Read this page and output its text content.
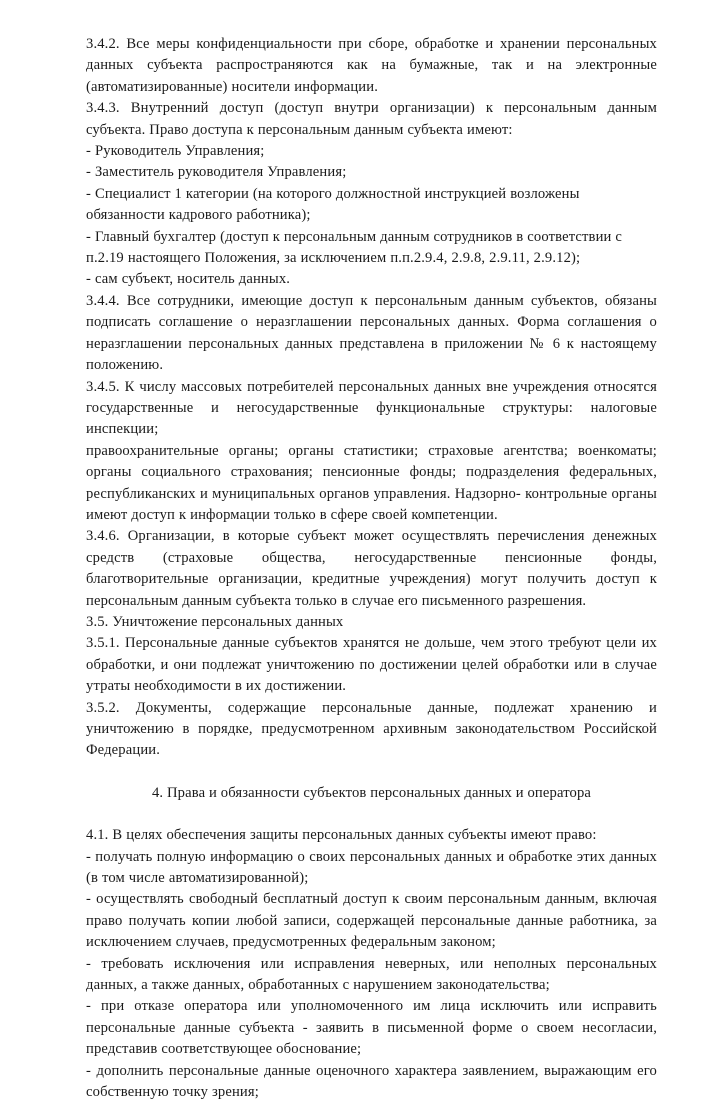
3.4.2. Все меры конфиденциальности при сборе, обработке и хранении персональных данных субъекта распространяются как на бумажные, так и на электронные (автоматизированные) носители информации.

3.4.3. Внутренний доступ (доступ внутри организации) к персональным данным субъекта. Право доступа к персональным данным субъекта имеют:

- Руководитель Управления;

- Заместитель руководителя Управления;

- Специалист 1 категории (на которого должностной инструкцией возложены обязанности кадрового работника);

- Главный бухгалтер (доступ к персональным данным сотрудников в соответствии с п.2.19 настоящего Положения, за исключением п.п.2.9.4, 2.9.8, 2.9.11, 2.9.12);

- сам субъект, носитель данных.

3.4.4. Все сотрудники, имеющие доступ к персональным данным субъектов, обязаны подписать соглашение о неразглашении персональных данных. Форма соглашения о неразглашении персональных данных представлена в приложении № 6 к настоящему положению.

3.4.5. К числу массовых потребителей персональных данных вне учреждения относятся государственные и негосударственные функциональные структуры: налоговые инспекции;

правоохранительные органы; органы статистики; страховые агентства; военкоматы; органы социального страхования; пенсионные фонды; подразделения федеральных, республиканских и муниципальных органов управления. Надзорно- контрольные органы имеют доступ к информации только в сфере своей компетенции.

3.4.6. Организации, в которые субъект может осуществлять перечисления денежных средств (страховые общества, негосударственные пенсионные фонды, благотворительные организации, кредитные учреждения) могут получить доступ к персональным данным субъекта только в случае его письменного разрешения.

3.5. Уничтожение персональных данных

3.5.1. Персональные данные субъектов хранятся не дольше, чем этого требуют цели их обработки, и они подлежат уничтожению по достижении целей обработки или в случае утраты необходимости в их достижении.

3.5.2. Документы, содержащие персональные данные, подлежат хранению и уничтожению в порядке, предусмотренном архивным законодательством Российской Федерации.

4. Права и обязанности субъектов персональных данных и оператора

4.1. В целях обеспечения защиты персональных данных субъекты имеют право:

- получать полную информацию о своих персональных данных и обработке этих данных (в том числе автоматизированной);

- осуществлять свободный бесплатный доступ к своим персональным данным, включая право получать копии любой записи, содержащей персональные данные работника, за исключением случаев, предусмотренных федеральным законом;

- требовать исключения или исправления неверных, или неполных персональных данных, а также данных, обработанных с нарушением законодательства;

- при отказе оператора или уполномоченного им лица исключить или исправить персональные данные субъекта - заявить в письменной форме о своем несогласии, представив соответствующее обоснование;

- дополнить персональные данные оценочного характера заявлением, выражающим его собственную точку зрения;
